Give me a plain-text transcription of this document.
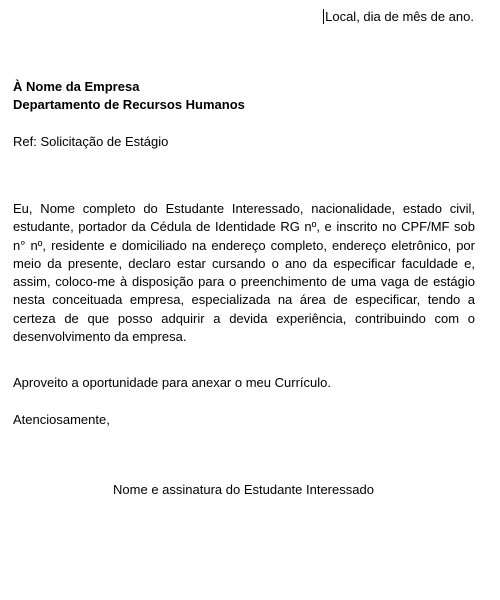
Local, dia de mês de ano.
À Nome da Empresa
Departamento de Recursos Humanos
Ref: Solicitação de Estágio
Eu, Nome completo do Estudante Interessado, nacionalidade, estado civil, estudante, portador da Cédula de Identidade RG nº, e inscrito no CPF/MF sob n° nº, residente e domiciliado na endereço completo, endereço eletrônico, por meio da presente, declaro estar cursando o ano da especificar faculdade e, assim, coloco-me à disposição para o preenchimento de uma vaga de estágio nesta conceituada empresa, especializada na área de especificar, tendo a certeza de que posso adquirir a devida experiência, contribuindo com o desenvolvimento da empresa.
Aproveito a oportunidade para anexar o meu Currículo.
Atenciosamente,
Nome e assinatura do Estudante Interessado
